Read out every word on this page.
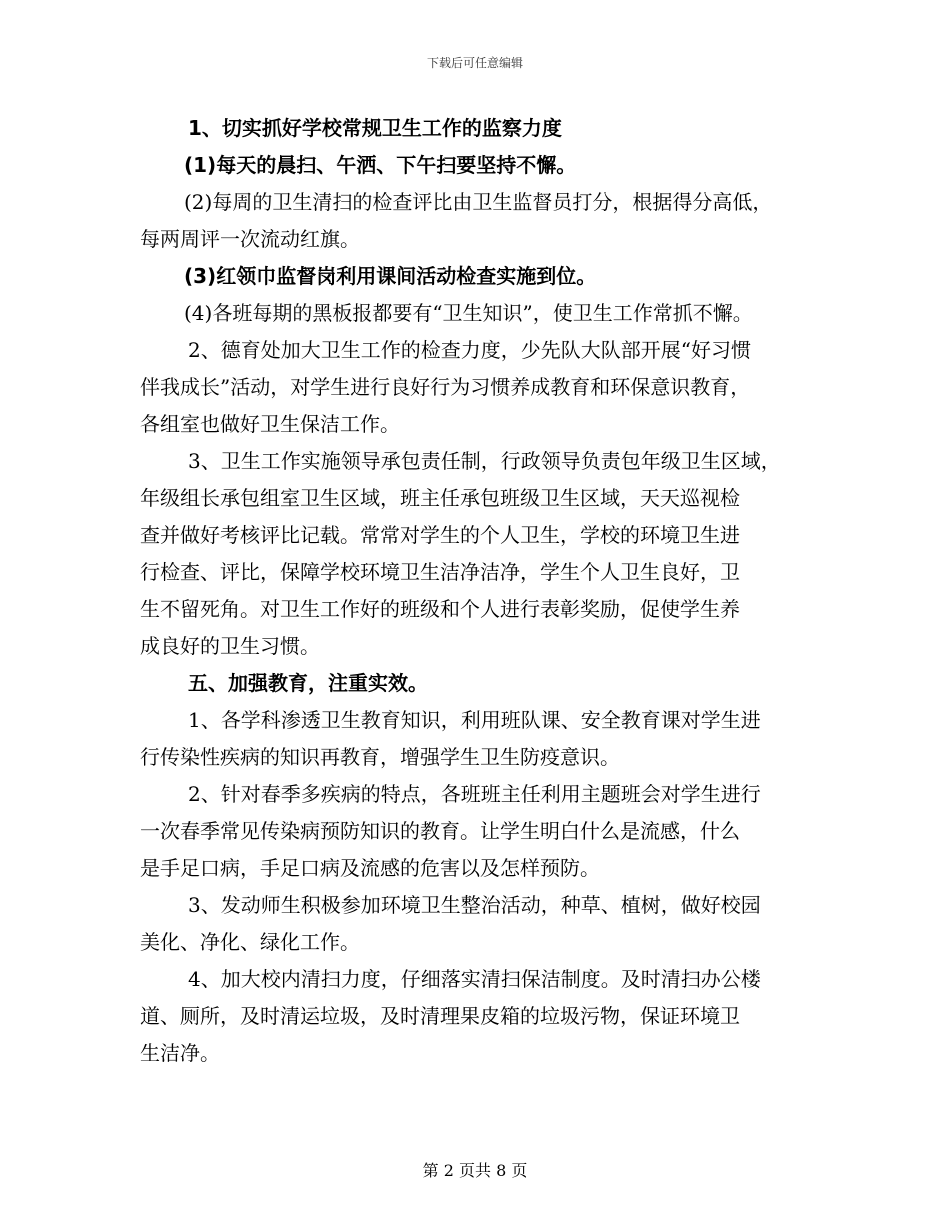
下载后可任意编辑
1、切实抓好学校常规卫生工作的监察力度
(1)每天的晨扫、午洒、下午扫要坚持不懈。
(2)每周的卫生清扫的检查评比由卫生监督员打分，根据得分高低，
每两周评一次流动红旗。
(3)红领巾监督岗利用课间活动检查实施到位。
(4)各班每期的黑板报都要有“卫生知识”，使卫生工作常抓不懈。
2、德育处加大卫生工作的检查力度，少先队大队部开展“好习惯
伴我成长”活动，对学生进行良好行为习惯养成教育和环保意识教育，
各组室也做好卫生保洁工作。
3、卫生工作实施领导承包责任制，行政领导负责包年级卫生区域，
年级组长承包组室卫生区域，班主任承包班级卫生区域，天天巡视检
查并做好考核评比记载。常常对学生的个人卫生，学校的环境卫生进
行检查、评比，保障学校环境卫生洁净洁净，学生个人卫生良好，卫
生不留死角。对卫生工作好的班级和个人进行表彰奖励，促使学生养
成良好的卫生习惯。
五、加强教育，注重实效。
1、各学科渗透卫生教育知识，利用班队课、安全教育课对学生进
行传染性疾病的知识再教育，增强学生卫生防疫意识。
2、针对春季多疾病的特点，各班班主任利用主题班会对学生进行
一次春季常见传染病预防知识的教育。让学生明白什么是流感，什么
是手足口病，手足口病及流感的危害以及怎样预防。
3、发动师生积极参加环境卫生整治活动，种草、植树，做好校园
美化、净化、绿化工作。
4、加大校内清扫力度，仔细落实清扫保洁制度。及时清扫办公楼
道、厕所，及时清运垃圾，及时清理果皮箱的垃圾污物，保证环境卫
生洁净。
第 2 页共 8 页
